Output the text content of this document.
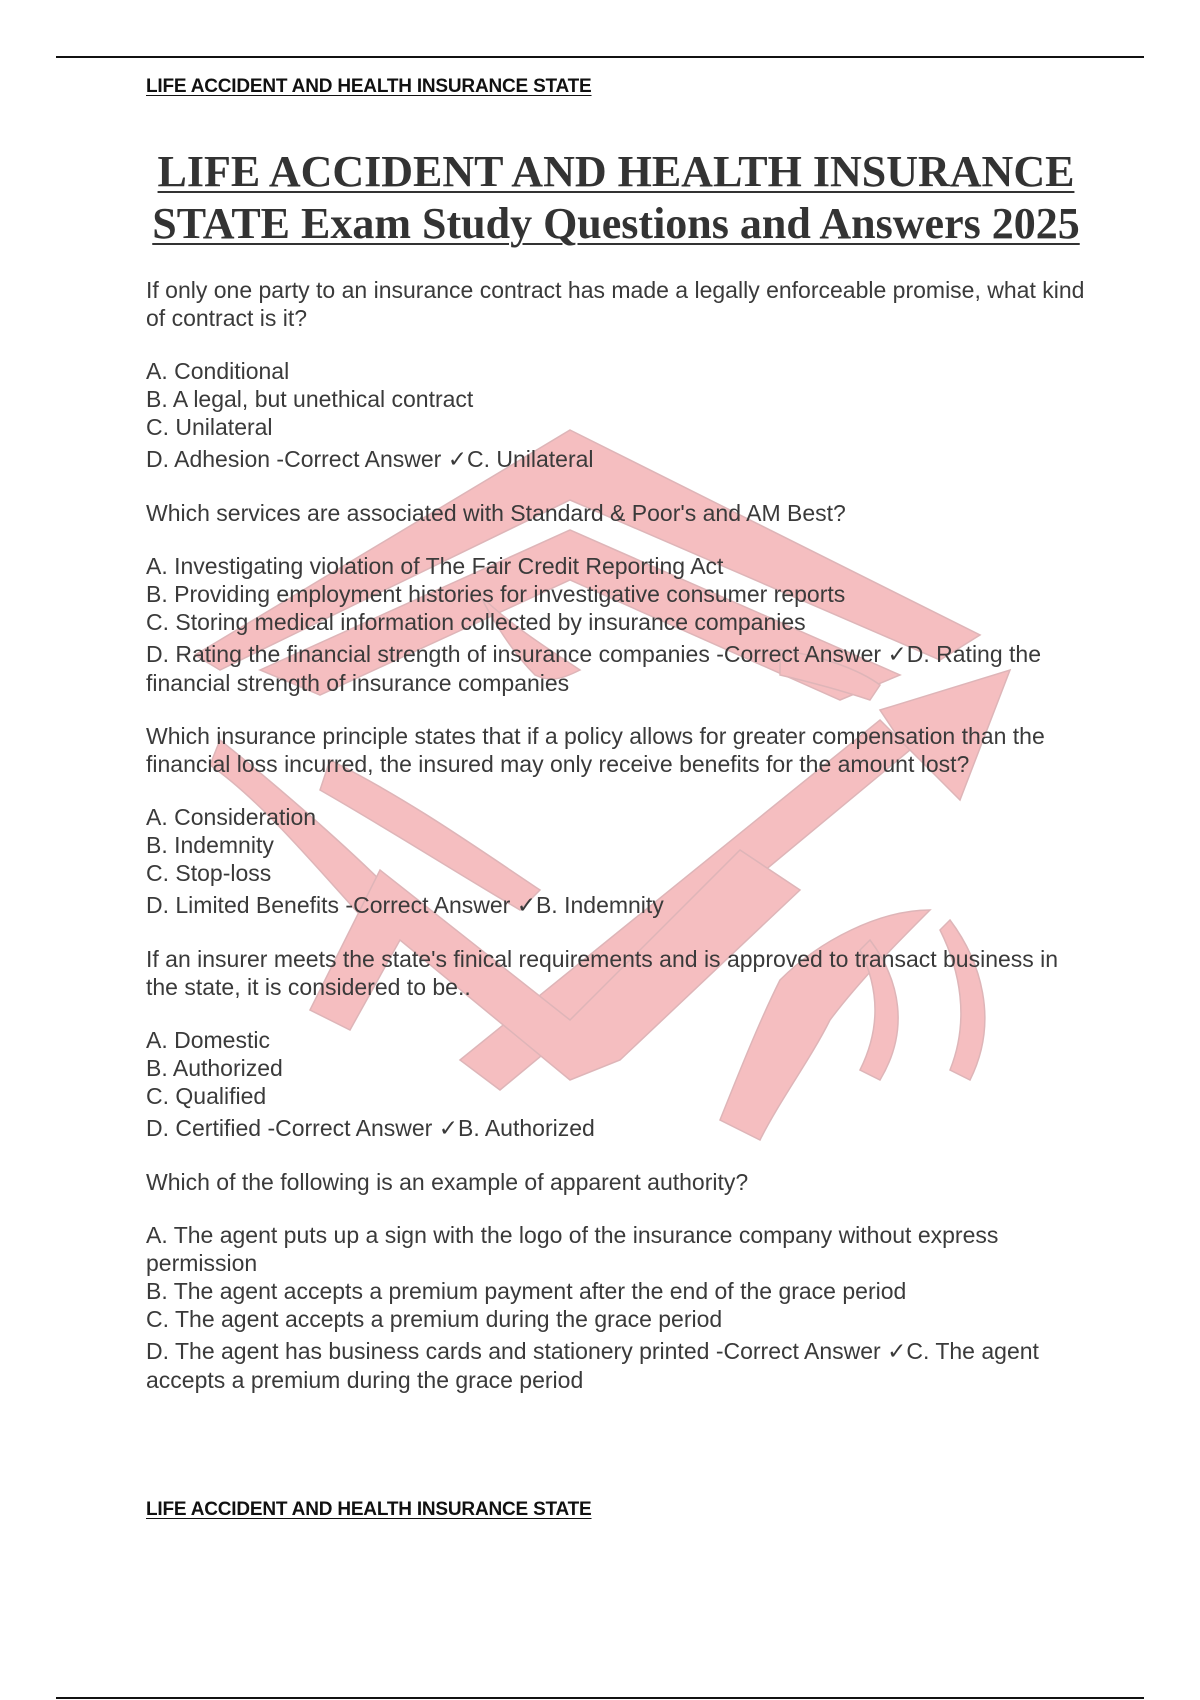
LIFE ACCIDENT AND HEALTH INSURANCE STATE
LIFE ACCIDENT AND HEALTH INSURANCE
STATE Exam Study Questions and Answers 2025

If only one party to an insurance contract has made a legally enforceable promise, what kind of contract is it?

A. Conditional
B. A legal, but unethical contract
C. Unilateral
D. Adhesion -Correct Answer ✓C. Unilateral

Which services are associated with Standard & Poor's and AM Best?

A. Investigating violation of The Fair Credit Reporting Act
B. Providing employment histories for investigative consumer reports
C. Storing medical information collected by insurance companies
D. Rating the financial strength of insurance companies -Correct Answer ✓D. Rating the financial strength of insurance companies

Which insurance principle states that if a policy allows for greater compensation than the financial loss incurred, the insured may only receive benefits for the amount lost?

A. Consideration
B. Indemnity
C. Stop-loss
D. Limited Benefits -Correct Answer ✓B. Indemnity

If an insurer meets the state's finical requirements and is approved to transact business in the state, it is considered to be..

A. Domestic
B. Authorized
C. Qualified
D. Certified -Correct Answer ✓B. Authorized

Which of the following is an example of apparent authority?

A. The agent puts up a sign with the logo of the insurance company without express permission
B. The agent accepts a premium payment after the end of the grace period
C. The agent accepts a premium during the grace period
D. The agent has business cards and stationery printed -Correct Answer ✓C. The agent accepts a premium during the grace period
LIFE ACCIDENT AND HEALTH INSURANCE STATE
